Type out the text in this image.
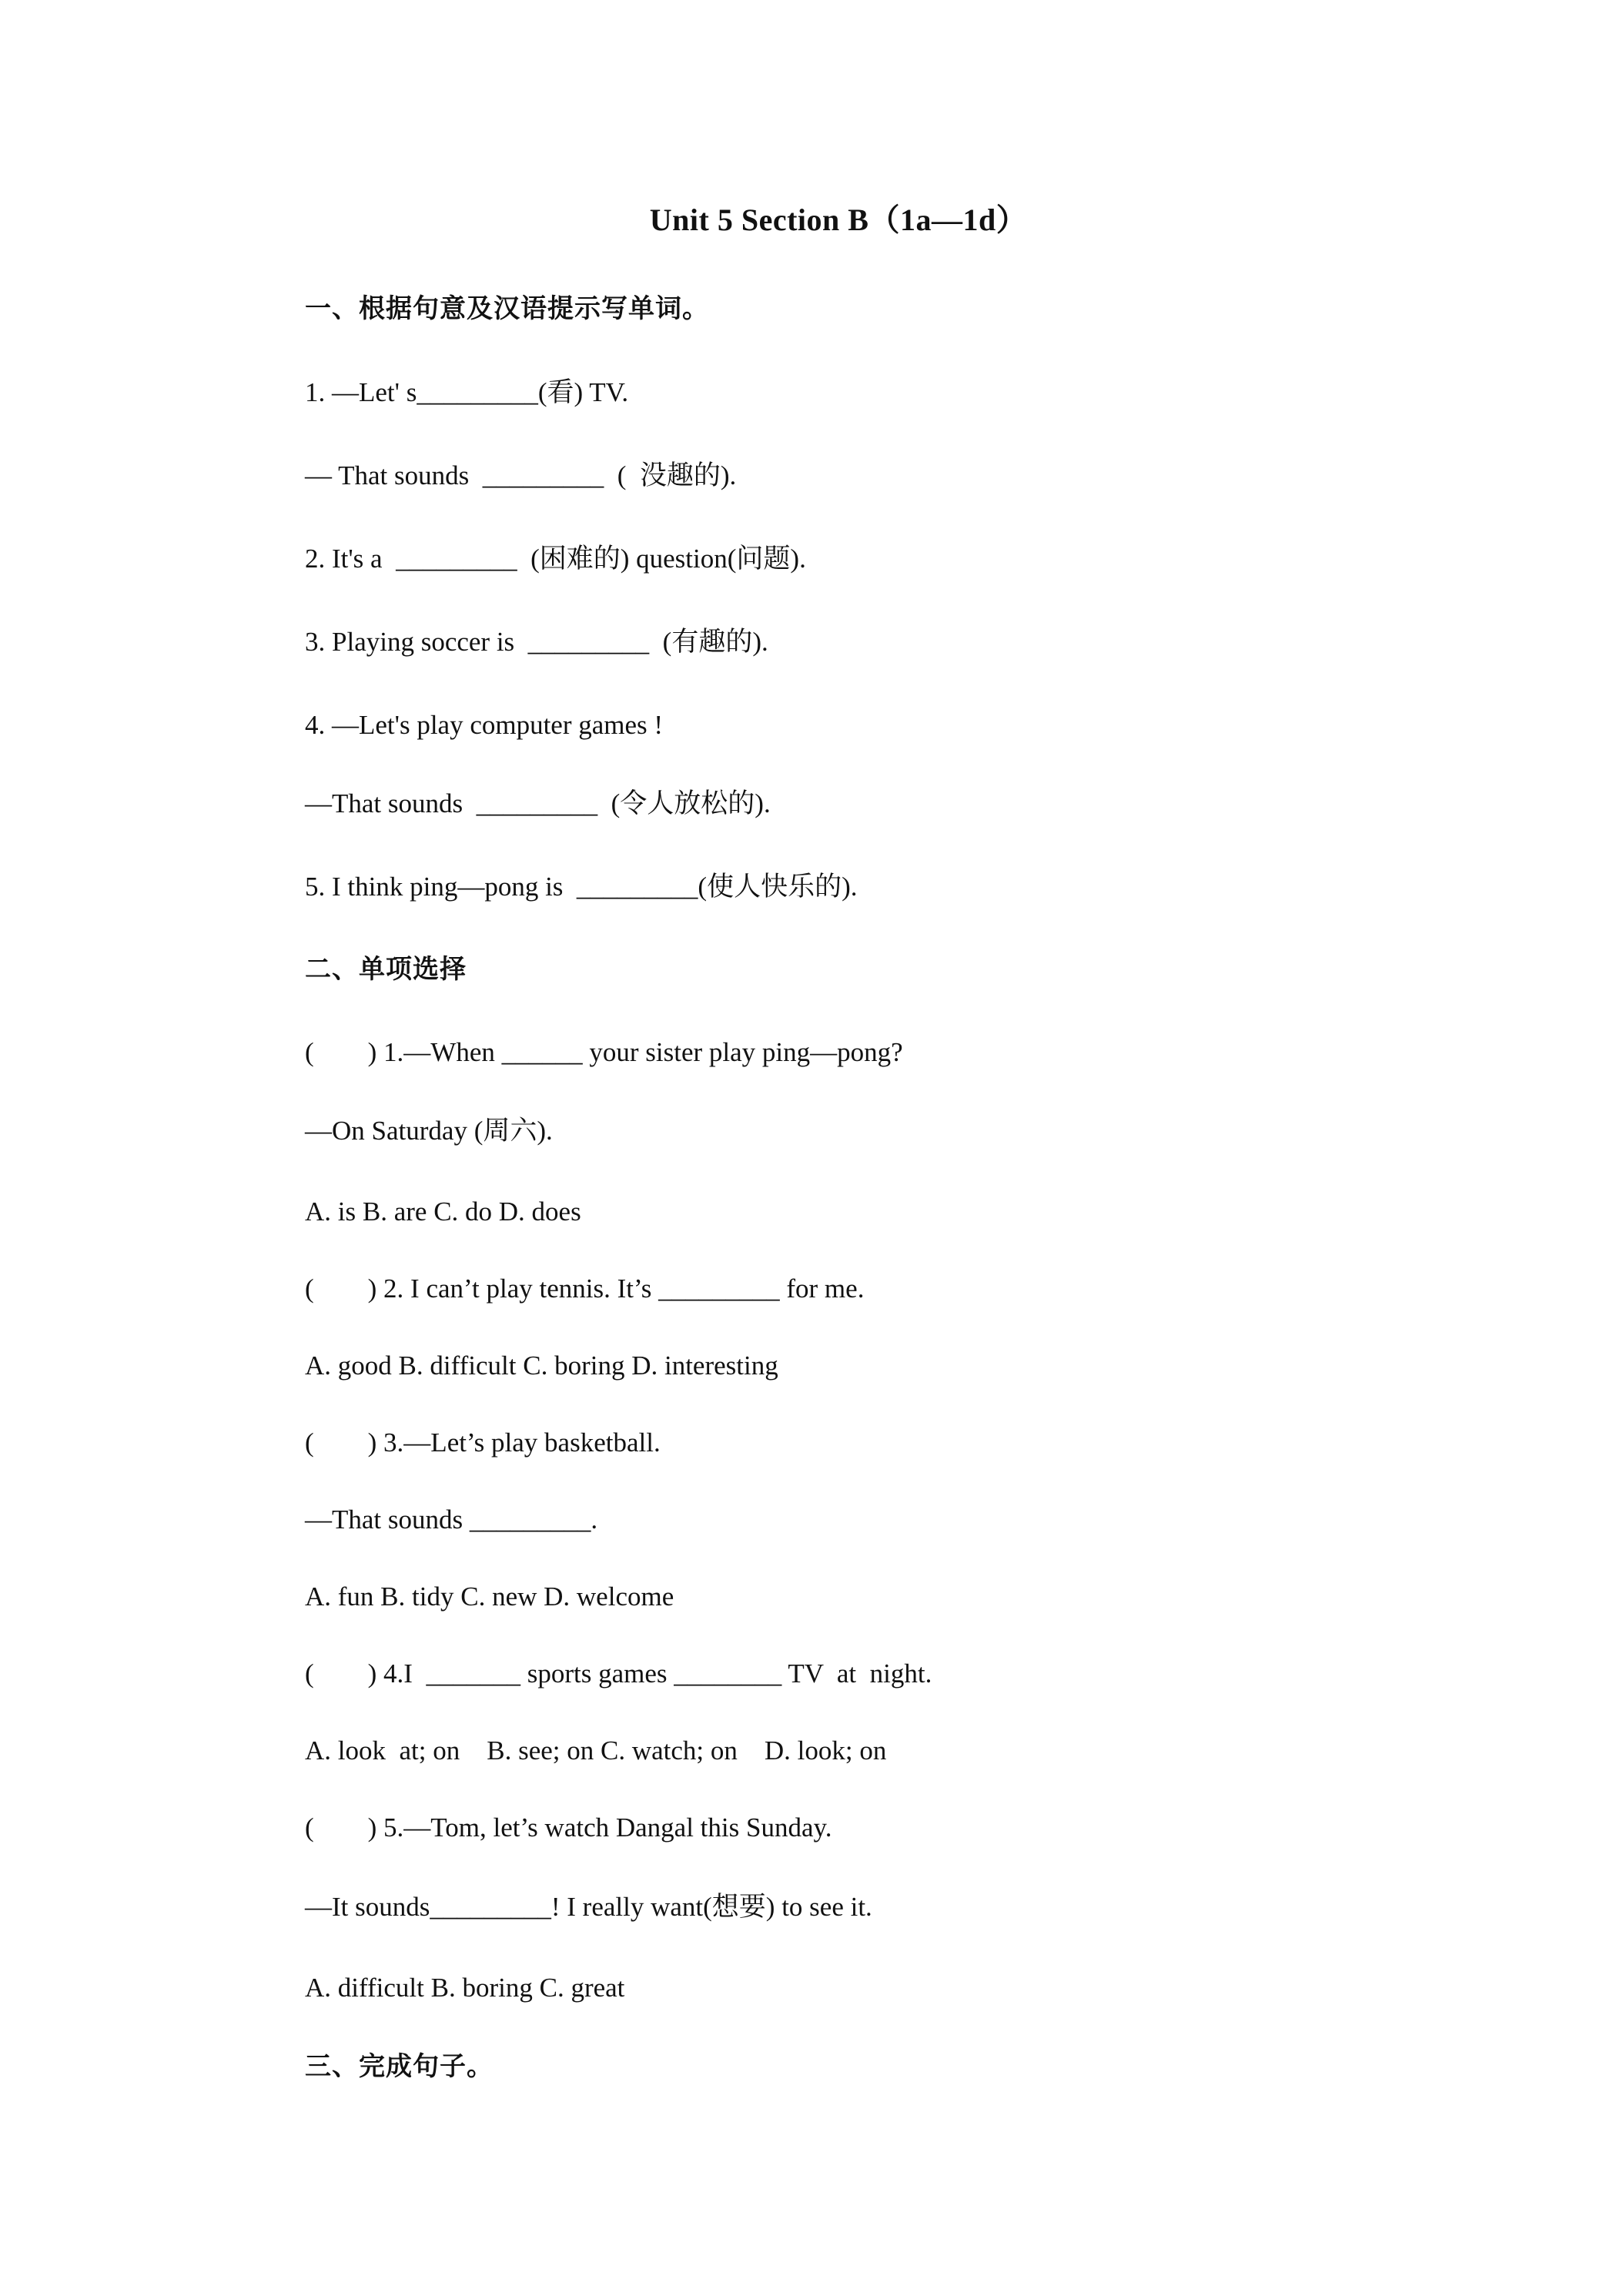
Unit 5 Section B（1a—1d）
一、根据句意及汉语提示写单词。
1. —Let' s_________(看) TV.
— That sounds  _________  (  没趣的).
2. It's a  _________  (困难的) question(问题).
3. Playing soccer is  _________  (有趣的).
4. —Let's play computer games !
—That sounds  _________  (令人放松的).
5. I think ping—pong is  _________(使人快乐的).
二、单项选择
(        ) 1.—When ______ your sister play ping—pong?
—On Saturday (周六).
A. is B. are C. do D. does
(        ) 2. I can’t play tennis. It’s _________ for me.
A. good B. difficult C. boring D. interesting
(        ) 3.—Let’s play basketball.
—That sounds _________.
A. fun B. tidy C. new D. welcome
(        ) 4.I  _______ sports games ________ TV  at  night.
A. look  at; on    B. see; on C. watch; on    D. look; on
(        ) 5.—Tom, let’s watch Dangal this Sunday.
—It sounds_________! I really want(想要) to see it.
A. difficult B. boring C. great
三、完成句子。
